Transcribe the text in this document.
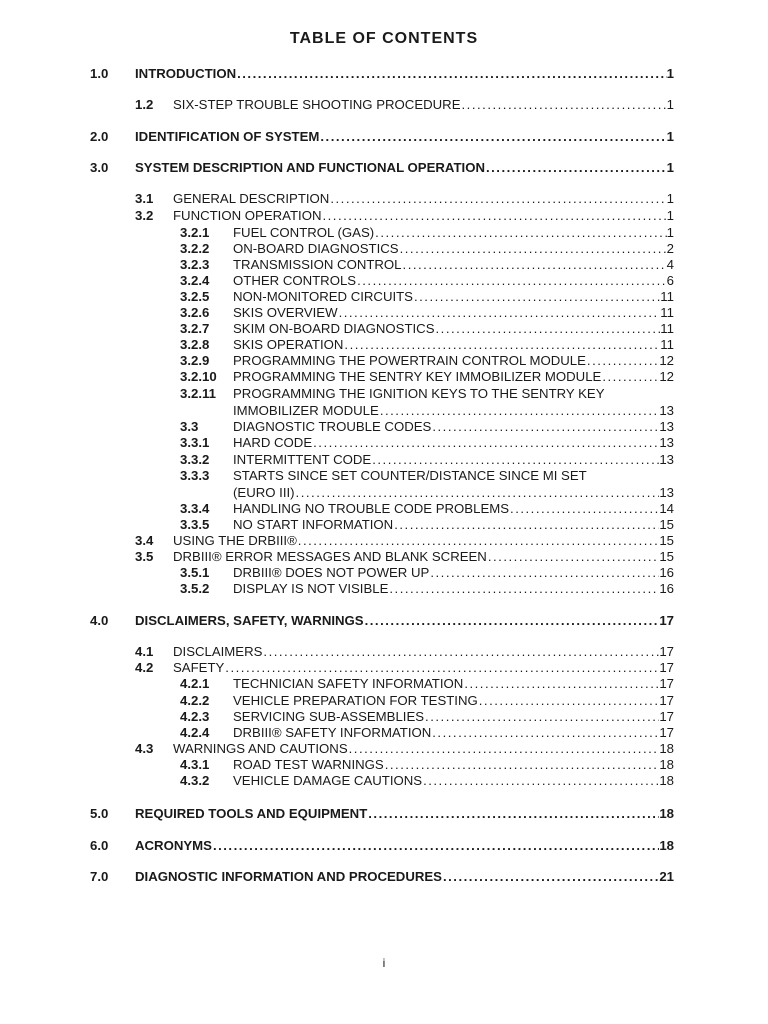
TABLE OF CONTENTS
1.0 INTRODUCTION .....	1
1.2 SIX-STEP TROUBLE SHOOTING PROCEDURE .....	1
2.0 IDENTIFICATION OF SYSTEM .....	1
3.0 SYSTEM DESCRIPTION AND FUNCTIONAL OPERATION .....	1
3.1 GENERAL DESCRIPTION .....	1
3.2 FUNCTION OPERATION .....	1
3.2.1 FUEL CONTROL (GAS) .....	1
3.2.2 ON-BOARD DIAGNOSTICS .....	2
3.2.3 TRANSMISSION CONTROL .....	4
3.2.4 OTHER CONTROLS .....	6
3.2.5 NON-MONITORED CIRCUITS .....	11
3.2.6 SKIS OVERVIEW .....	11
3.2.7 SKIM ON-BOARD DIAGNOSTICS .....	11
3.2.8 SKIS OPERATION .....	11
3.2.9 PROGRAMMING THE POWERTRAIN CONTROL MODULE .....	12
3.2.10 PROGRAMMING THE SENTRY KEY IMMOBILIZER MODULE .....	12
3.2.11 PROGRAMMING THE IGNITION KEYS TO THE SENTRY KEY
IMMOBILIZER MODULE .....	13
3.3	DIAGNOSTIC TROUBLE CODES .....	13
3.3.1 HARD CODE .....	13
3.3.2 INTERMITTENT CODE .....	13
3.3.3 STARTS SINCE SET COUNTER/DISTANCE SINCE MI SET
(EURO III) .....	13
3.3.4 HANDLING NO TROUBLE CODE PROBLEMS .....	14
3.3.5 NO START INFORMATION .....	15
3.4 USING THE DRBIII® .....	15
3.5 DRBIII® ERROR MESSAGES AND BLANK SCREEN .....	15
3.5.1 DRBIII® DOES NOT POWER UP .....	16
3.5.2 DISPLAY IS NOT VISIBLE .....	16
4.0 DISCLAIMERS, SAFETY, WARNINGS .....	17
4.1 DISCLAIMERS .....	17
4.2 SAFETY .....	17
4.2.1 TECHNICIAN SAFETY INFORMATION .....	17
4.2.2 VEHICLE PREPARATION FOR TESTING .....	17
4.2.3 SERVICING SUB-ASSEMBLIES .....	17
4.2.4 DRBIII® SAFETY INFORMATION .....	17
4.3 WARNINGS AND CAUTIONS .....	18
4.3.1 ROAD TEST WARNINGS .....	18
4.3.2 VEHICLE DAMAGE CAUTIONS .....	18
5.0 REQUIRED TOOLS AND EQUIPMENT .....	18
6.0 ACRONYMS .....	18
7.0 DIAGNOSTIC INFORMATION AND PROCEDURES .....	21
i
